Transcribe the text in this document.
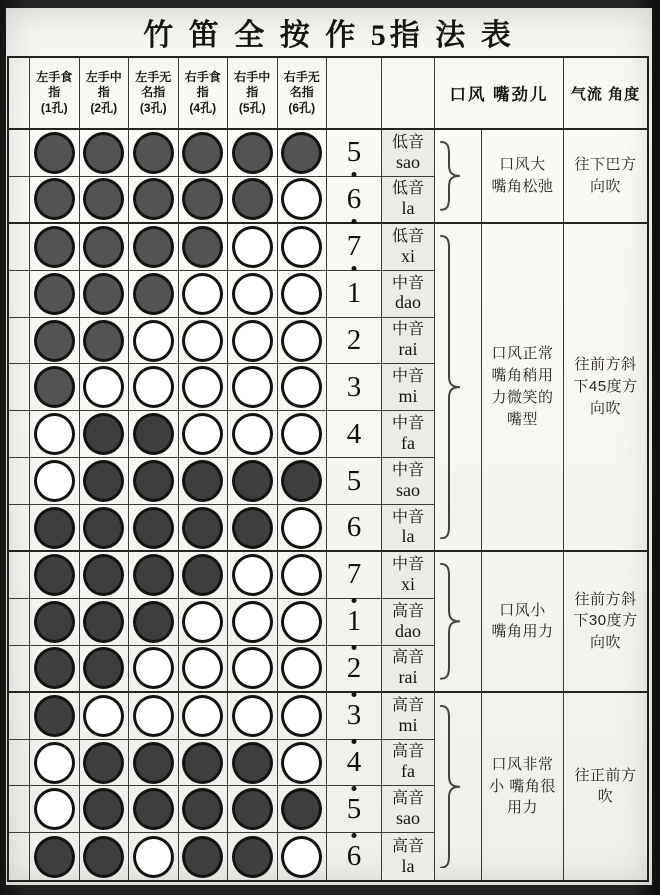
竹 笛 全 按 作 5指 法 表
左手食
指
(1孔)
左手中
指
(2孔)
左手无
名指
(3孔)
右手食
指
(4孔)
右手中
指
(5孔)
右手无
名指
(6孔)
口风 嘴劲儿	气流 角度
5 低音
sao
6 低音
la
7 低音
xi
1 中音
dao
2 中音
rai
3 中音
mi
4 中音
fa
5 中音
sao
6 中音
la
7 中音
xi
1 高音
dao
2 高音
rai
3 高音
mi
4 高音
fa
5 高音
sao
6 高音
la
口风大
嘴角松弛
往下巴方
向吹
口风正常
嘴角稍用
力微笑的
嘴型
往前方斜
下45度方
向吹
口风小
嘴角用力
往前方斜
下30度方
向吹
口风非常
小 嘴角很
用力
往正前方
吹
